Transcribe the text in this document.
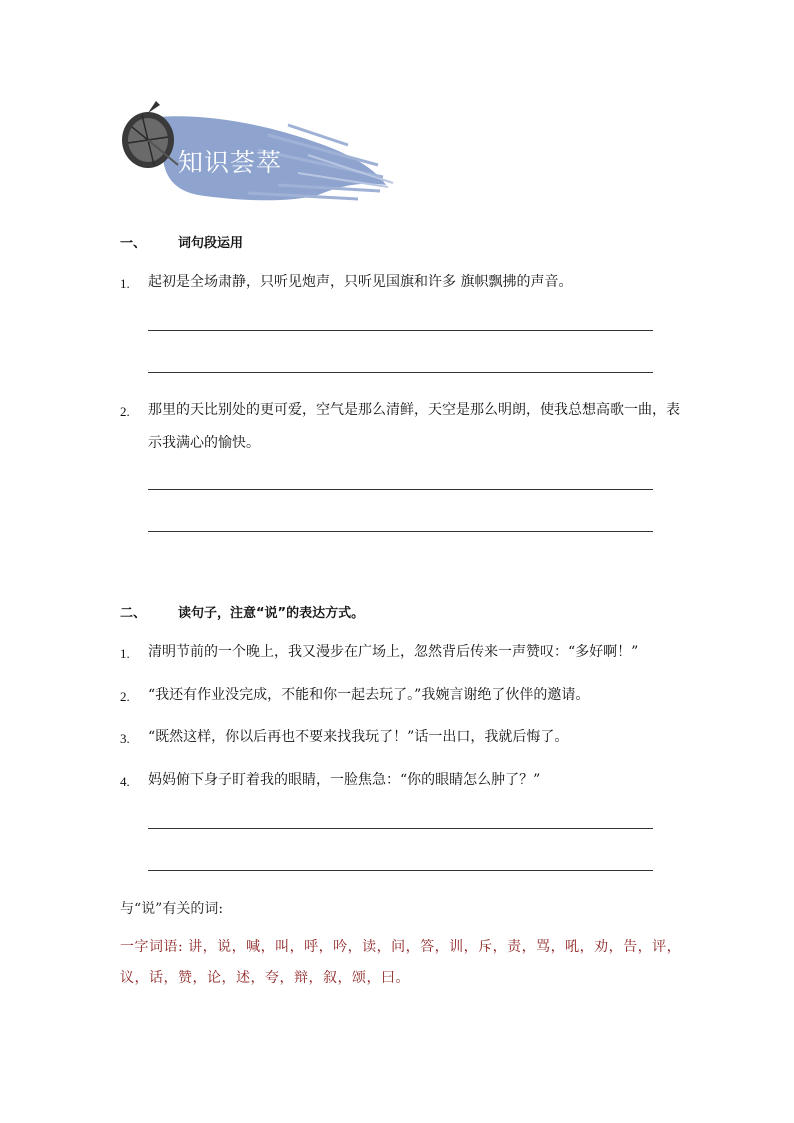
知识荟萃
一、 词句段运用
1. 起初是全场肃静，只听见炮声，只听见国旗和许多 旗帜飘拂的声音。
2. 那里的天比别处的更可爱，空气是那么清鲜，天空是那么明朗，使我总想高歌一曲，表示我满心的愉快。
二、 读句子，注意“说”的表达方式。
1. 清明节前的一个晚上，我又漫步在广场上，忽然背后传来一声赞叹：“多好啊！”
2. “我还有作业没完成，不能和你一起去玩了。”我婉言谢绝了伙伴的邀请。
3. “既然这样，你以后再也不要来找我玩了！”话一出口，我就后悔了。
4. 妈妈俯下身子盯着我的眼睛，一脸焦急：“你的眼睛怎么肿了？”
与“说”有关的词:
一字词语: 讲，说，喊，叫，呼，吟，读，问，答，训，斥，责，骂，吼，劝，告，评，议，话，赞，论，述，夸，辩，叙，颂，曰。
